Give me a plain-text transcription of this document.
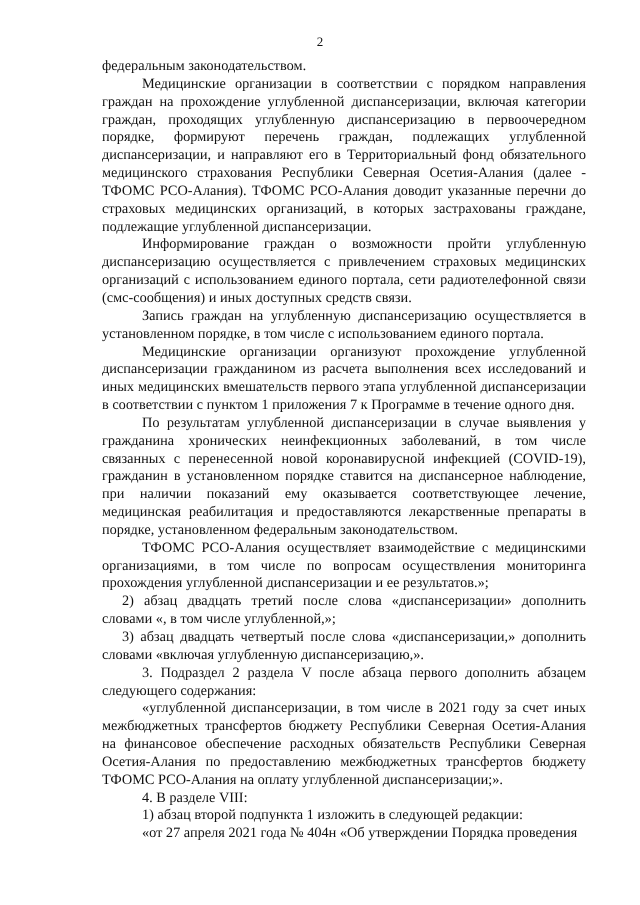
2

федеральным законодательством.

Медицинские организации в соответствии с порядком направления граждан на прохождение углубленной диспансеризации, включая категории граждан, проходящих углубленную диспансеризацию в первоочередном порядке, формируют перечень граждан, подлежащих углубленной диспансеризации, и направляют его в Территориальный фонд обязательного медицинского страхования Республики Северная Осетия-Алания (далее - ТФОМС РСО-Алания). ТФОМС РСО-Алания доводит указанные перечни до страховых медицинских организаций, в которых застрахованы граждане, подлежащие углубленной диспансеризации.

Информирование граждан о возможности пройти углубленную диспансеризацию осуществляется с привлечением страховых медицинских организаций с использованием единого портала, сети радиотелефонной связи (смс-сообщения) и иных доступных средств связи.

Запись граждан на углубленную диспансеризацию осуществляется в установленном порядке, в том числе с использованием единого портала.

Медицинские организации организуют прохождение углубленной диспансеризации гражданином из расчета выполнения всех исследований и иных медицинских вмешательств первого этапа углубленной диспансеризации в соответствии с пунктом 1 приложения 7 к Программе в течение одного дня.

По результатам углубленной диспансеризации в случае выявления у гражданина хронических неинфекционных заболеваний, в том числе связанных с перенесенной новой коронавирусной инфекцией (COVID-19), гражданин в установленном порядке ставится на диспансерное наблюдение, при наличии показаний ему оказывается соответствующее лечение, медицинская реабилитация и предоставляются лекарственные препараты в порядке, установленном федеральным законодательством.

ТФОМС РСО-Алания осуществляет взаимодействие с медицинскими организациями, в том числе по вопросам осуществления мониторинга прохождения углубленной диспансеризации и ее результатов.»;

2) абзац двадцать третий после слова «диспансеризации» дополнить словами «, в том числе углубленной,»;

3) абзац двадцать четвертый после слова «диспансеризации,» дополнить словами «включая углубленную диспансеризацию,».

3. Подраздел 2 раздела V после абзаца первого дополнить абзацем следующего содержания:

«углубленной диспансеризации, в том числе в 2021 году за счет иных межбюджетных трансфертов бюджету Республики Северная Осетия-Алания на финансовое обеспечение расходных обязательств Республики Северная Осетия-Алания по предоставлению межбюджетных трансфертов бюджету ТФОМС РСО-Алания на оплату углубленной диспансеризации;».

4. В разделе VIII:

1) абзац второй подпункта 1 изложить в следующей редакции:

«от 27 апреля 2021 года № 404н «Об утверждении Порядка проведения
